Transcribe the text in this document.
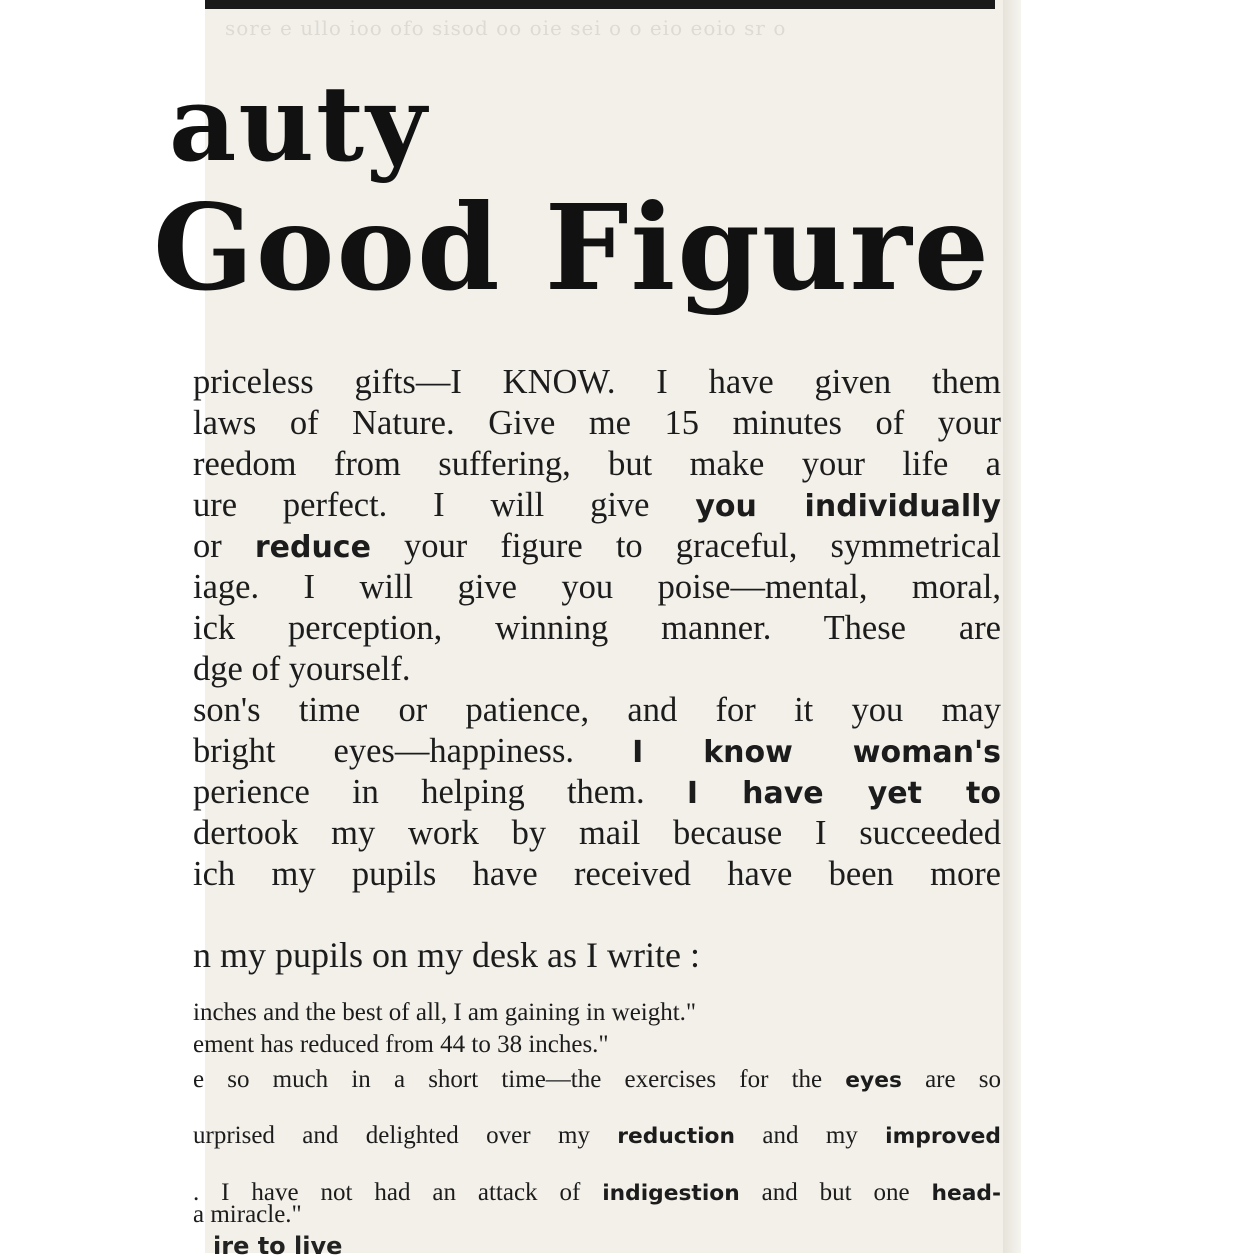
sore e ullo ioo ofo sisod oo oie sei o o eio eoio sr o
auty
Good Figure

priceless gifts—I KNOW. I have given them

laws of Nature. Give me 15 minutes of your

reedom from suffering, but make your life a

ure perfect. I will give you individually

or reduce your figure to graceful, symmetrical

iage. I will give you poise—mental, moral,

ick perception, winning manner. These are

dge of yourself.

son's time or patience, and for it you may

bright eyes—happiness. I know woman's

perience in helping them. I have yet to

dertook my work by mail because I succeeded

ich my pupils have received have been more

n my pupils on my desk as I write :

inches and the best of all, I am gaining in weight."

ement has reduced from 44 to 38 inches."

e so much in a short time—the exercises for the eyes are so

urprised and delighted over my reduction and my improved

. I have not had an attack of indigestion and but one head-

a miracle."

ire to live
